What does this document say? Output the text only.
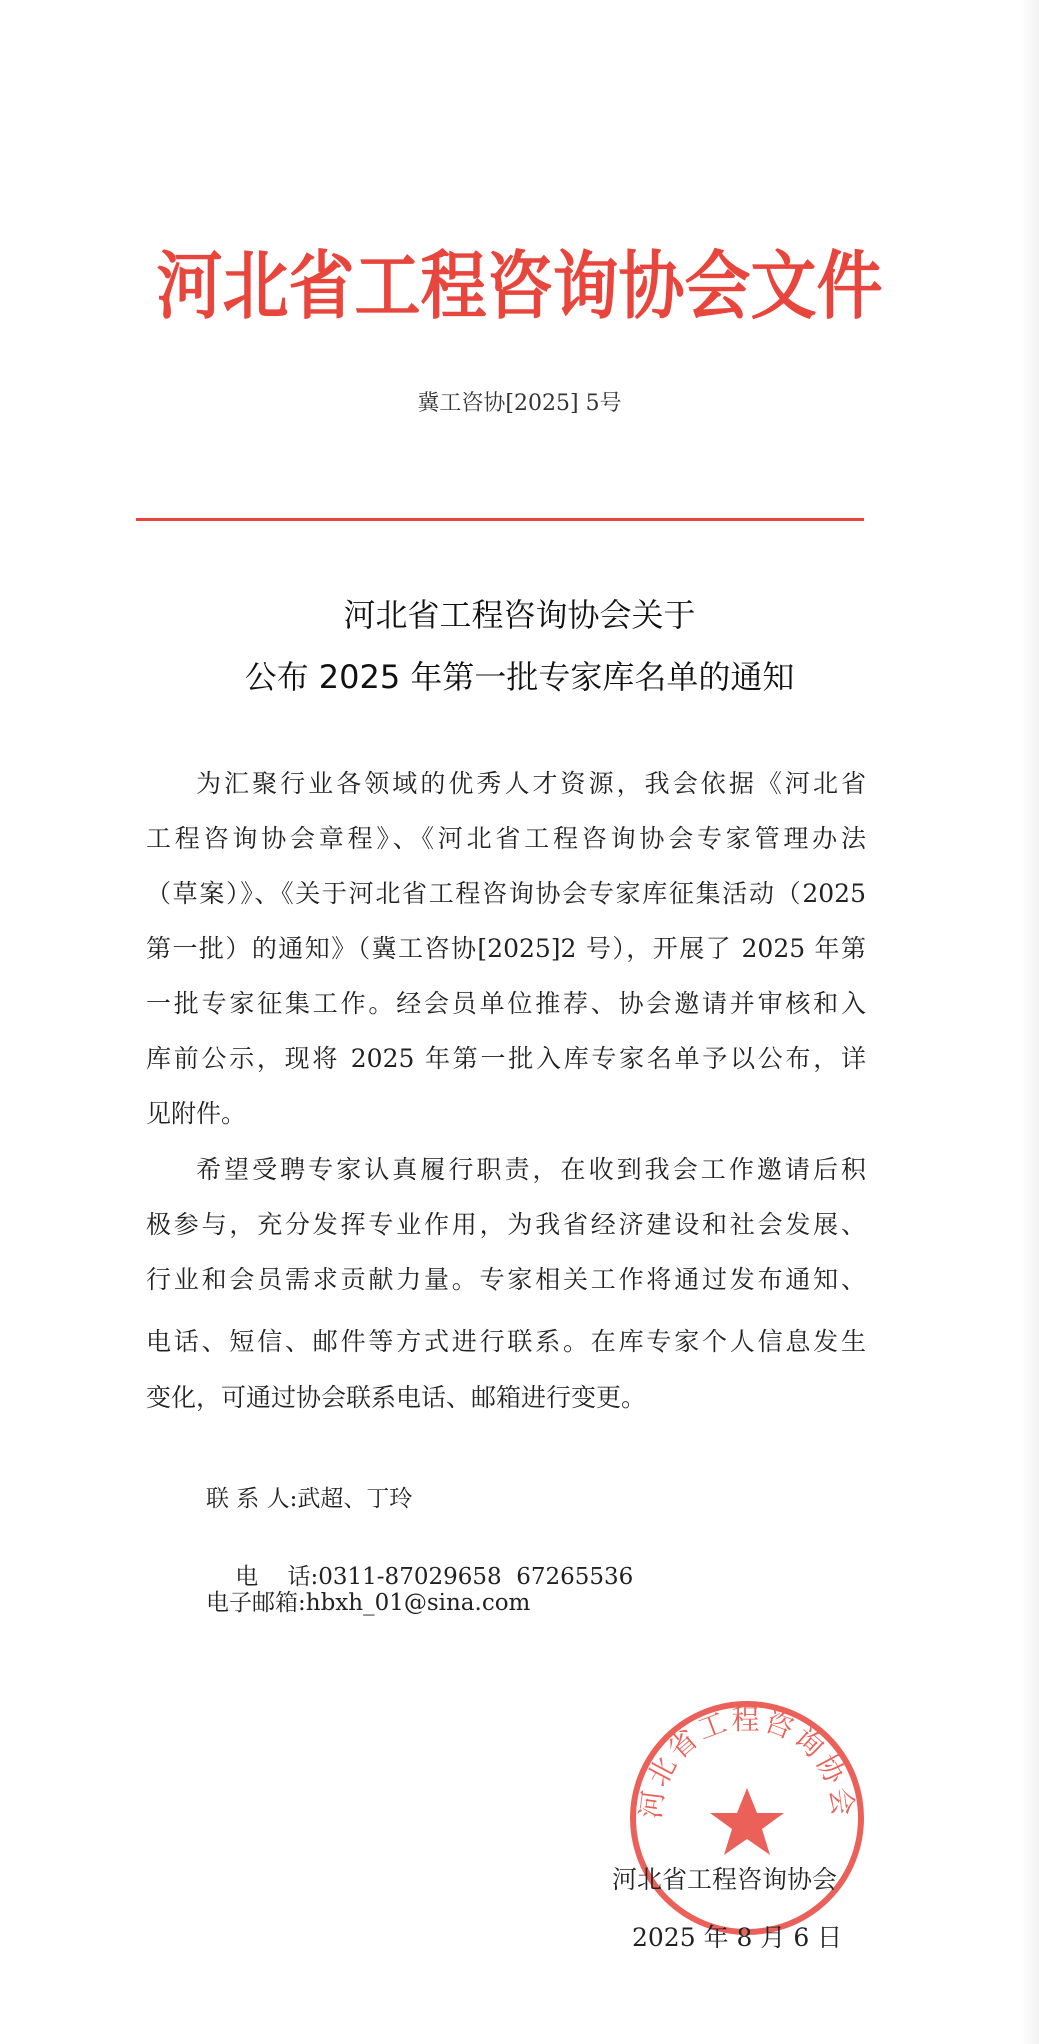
河北省工程咨询协会文件
冀工咨协[2025] 5号
河北省工程咨询协会关于
公布 2025 年第一批专家库名单的通知
为汇聚行业各领域的优秀人才资源，我会依据《河北省
工程咨询协会章程》、《河北省工程咨询协会专家管理办法
（草案）》、《关于河北省工程咨询协会专家库征集活动（2025
第一批）的通知》（冀工咨协[2025]2 号），开展了 2025 年第
一批专家征集工作。经会员单位推荐、协会邀请并审核和入
库前公示，现将 2025 年第一批入库专家名单予以公布，详
见附件。
希望受聘专家认真履行职责，在收到我会工作邀请后积
极参与，充分发挥专业作用，为我省经济建设和社会发展、
行业和会员需求贡献力量。专家相关工作将通过发布通知、
电话、短信、邮件等方式进行联系。在库专家个人信息发生
变化，可通过协会联系电话、邮箱进行变更。
联 系 人:武超、丁玲

电    话:0311-87029658  67265536

电子邮箱:hbxh_01@sina.com
河北省工程咨询协会
河北省工程咨询协会
2025 年 8 月 6 日
